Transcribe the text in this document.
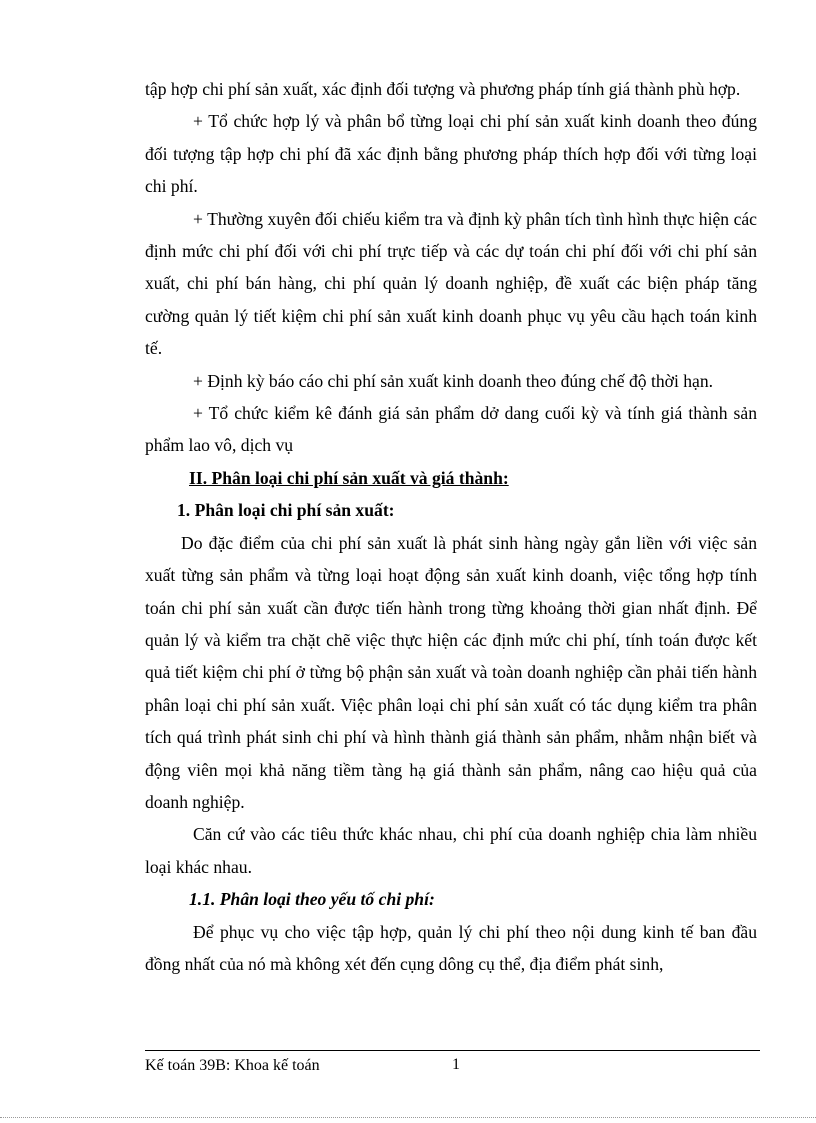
tập hợp chi phí sản xuất, xác định đối tượng và phương pháp tính giá thành phù hợp.

+ Tổ chức hợp lý và phân bổ từng loại chi phí sản xuất kinh doanh theo đúng đối tượng tập hợp chi phí đã xác định bằng phương pháp thích hợp đối với từng loại chi phí.

+ Thường xuyên đối chiếu kiểm tra và định kỳ phân tích tình hình thực hiện các định mức chi phí đối với chi phí trực tiếp và các dự toán chi phí đối với chi phí sản xuất, chi phí bán hàng, chi phí quản lý doanh nghiệp, đề xuất các biện pháp tăng cường quản lý tiết kiệm chi phí sản xuất kinh doanh phục vụ yêu cầu hạch toán kinh tế.

+ Định kỳ báo cáo chi phí sản xuất kinh doanh theo đúng chế độ thời hạn.

+ Tổ chức kiểm kê đánh giá sản phẩm dở dang cuối kỳ và tính giá thành sản phẩm lao vô, dịch vụ

II. Phân loại chi phí sản xuất và giá thành:

1. Phân loại chi phí sản xuất:

Do đặc điểm của chi phí sản xuất là phát sinh hàng ngày gắn liền với việc sản xuất từng sản phẩm và từng loại hoạt động sản xuất kinh doanh, việc tổng hợp tính toán chi phí sản xuất cần được tiến hành trong từng khoảng thời gian nhất định. Để quản lý và kiểm tra chặt chẽ việc thực hiện các định mức chi phí, tính toán được kết quả tiết kiệm chi phí ở từng bộ phận sản xuất và toàn doanh nghiệp cần phải tiến hành phân loại chi phí sản xuất. Việc phân loại chi phí sản xuất có tác dụng kiểm tra phân tích quá trình phát sinh chi phí và hình thành giá thành sản phẩm, nhằm nhận biết và động viên mọi khả năng tiềm tàng hạ giá thành sản phẩm, nâng cao hiệu quả của doanh nghiệp.

Căn cứ vào các tiêu thức khác nhau, chi phí của doanh nghiệp chia làm nhiều loại khác nhau.

1.1. Phân loại theo yếu tố chi phí:

Để phục vụ cho việc tập hợp, quản lý chi phí theo nội dung kinh tế ban đầu đồng nhất của nó mà không xét đến cụng dông cụ thể, địa điểm phát sinh,

Kế toán 39B: Khoa kế toán	1
